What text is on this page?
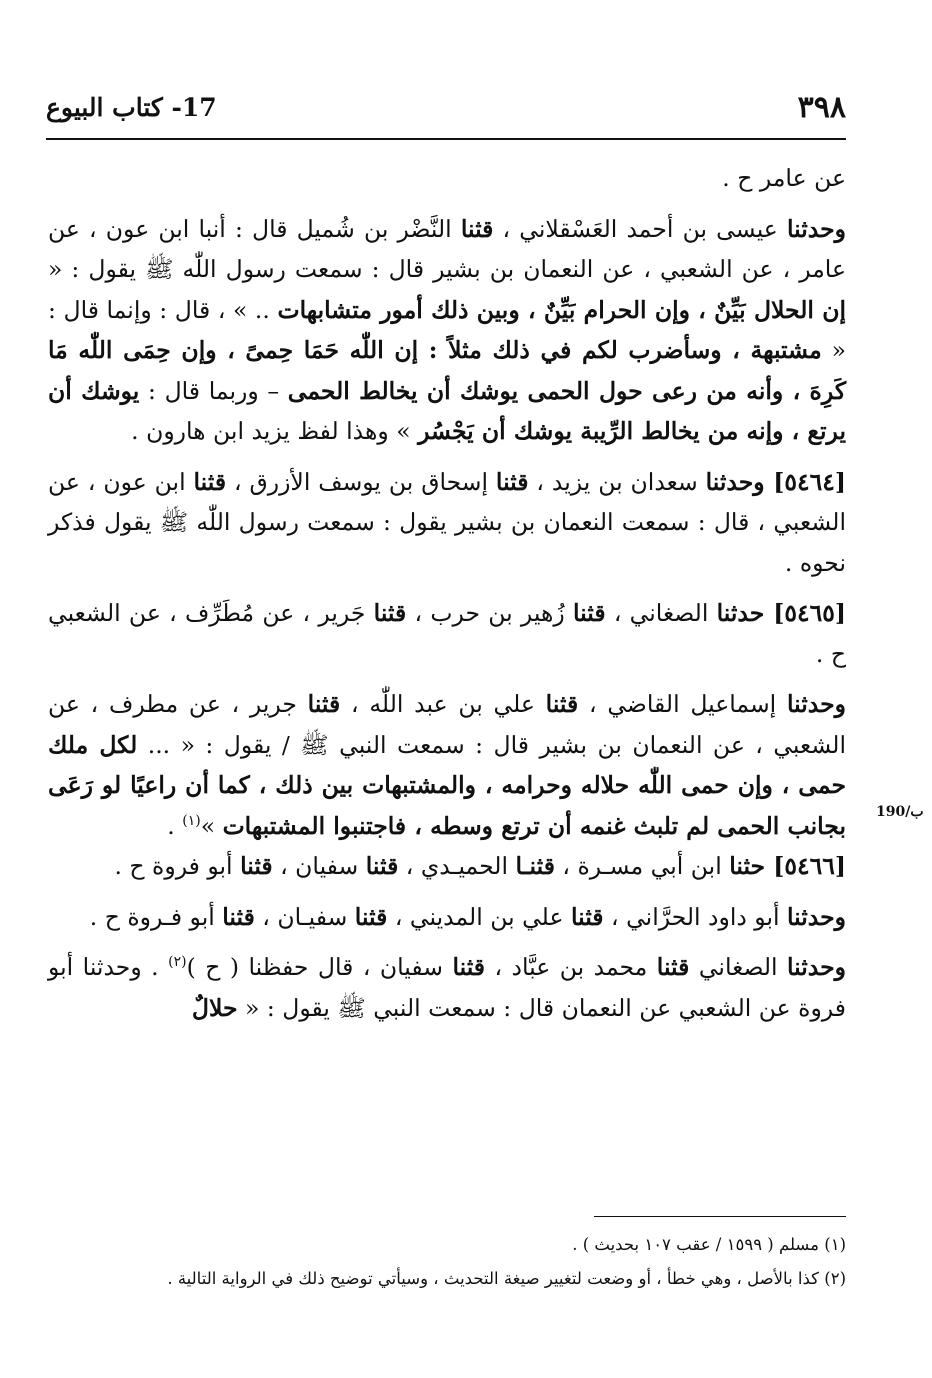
٣٩٨
17- كتاب البيوع
190/ب

عن عامر ح .

وحدثنا عيسى بن أحمد العَسْقلاني ، قثنا النَّضْر بن شُميل قال : أنبا ابن عون ، عن عامر ، عن الشعبي ، عن النعمان بن بشير قال : سمعت رسول اللّٰه ﷺ يقول : « إن الحلال بَيِّنٌ ، وإن الحرام بَيِّنٌ ، وبين ذلك أمور متشابهات .. » ، قال : وإنما قال : « مشتبهة ، وسأضرب لكم في ذلك مثلاً : إن اللّٰه حَمَا حِمىً ، وإن حِمَى اللّٰه مَا كَرِهَ ، وأنه من رعى حول الحمى يوشك أن يخالط الحمى – وربما قال : يوشك أن يرتع ، وإنه من يخالط الرِّيبة يوشك أن يَجْسُر » وهذا لفظ يزيد ابن هارون .

[٥٤٦٤] وحدثنا سعدان بن يزيد ، قثنا إسحاق بن يوسف الأزرق ، قثنا ابن عون ، عن الشعبي ، قال : سمعت النعمان بن بشير يقول : سمعت رسول اللّٰه ﷺ يقول فذكر نحوه .

[٥٤٦٥] حدثنا الصغاني ، قثنا زُهير بن حرب ، قثنا جَرير ، عن مُطَرِّف ، عن الشعبي ح .

وحدثنا إسماعيل القاضي ، قثنا علي بن عبد اللّٰه ، قثنا جرير ، عن مطرف ، عن الشعبي ، عن النعمان بن بشير قال : سمعت النبي ﷺ / يقول : « ... لكل ملك حمى ، وإن حمى اللّٰه حلاله وحرامه ، والمشتبهات بين ذلك ، كما أن راعيًا لو رَعَى بجانب الحمى لم تلبث غنمه أن ترتع وسطه ، فاجتنبوا المشتبهات »$^{(١)}$ .

[٥٤٦٦] حثنا ابن أبي مسـرة ، قثنـا الحميـدي ، قثنا سفيان ، قثنا أبو فروة ح .

وحدثنا أبو داود الحرَّاني ، قثنا علي بن المديني ، قثنا سفيـان ، قثنا أبو فـروة ح .

وحدثنا الصغاني قثنا محمد بن عبَّاد ، قثنا سفيان ، قال حفظنا ( ح )$^{(٢)}$ . وحدثنا أبو فروة عن الشعبي عن النعمان قال : سمعت النبي ﷺ يقول : « حلالٌ

(١) مسلم ( ١٥٩٩ / عقب ١٠٧ بحديث ) .

(٢) كذا بالأصل ، وهي خطأ ، أو وضعت لتغيير صيغة التحديث ، وسيأتي توضيح ذلك في الرواية التالية .
